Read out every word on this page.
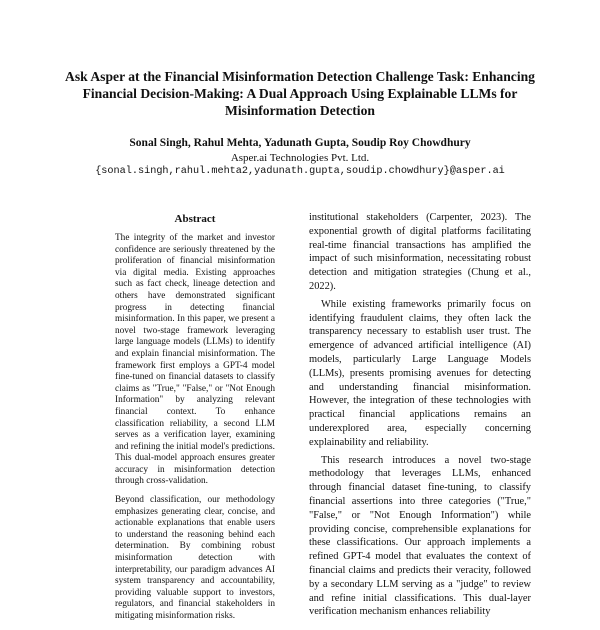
Ask Asper at the Financial Misinformation Detection Challenge Task: Enhancing Financial Decision-Making: A Dual Approach Using Explainable LLMs for Misinformation Detection
Sonal Singh, Rahul Mehta, Yadunath Gupta, Soudip Roy Chowdhury
Asper.ai Technologies Pvt. Ltd.
{sonal.singh,rahul.mehta2,yadunath.gupta,soudip.chowdhury}@asper.ai
Abstract

The integrity of the market and investor confidence are seriously threatened by the proliferation of financial misinformation via digital media. Existing approaches such as fact check, lineage detection and others have demonstrated significant progress in detecting financial misinformation. In this paper, we present a novel two-stage framework leveraging large language models (LLMs) to identify and explain financial misinformation. The framework first employs a GPT-4 model fine-tuned on financial datasets to classify claims as "True," "False," or "Not Enough Information" by analyzing relevant financial context. To enhance classification reliability, a second LLM serves as a verification layer, examining and refining the initial model's predictions. This dual-model approach ensures greater accuracy in misinformation detection through cross-validation.

Beyond classification, our methodology emphasizes generating clear, concise, and actionable explanations that enable users to understand the reasoning behind each determination. By combining robust misinformation detection with interpretability, our paradigm advances AI system transparency and accountability, providing valuable support to investors, regulators, and financial stakeholders in mitigating misinformation risks.

institutional stakeholders (Carpenter, 2023). The exponential growth of digital platforms facilitating real-time financial transactions has amplified the impact of such misinformation, necessitating robust detection and mitigation strategies (Chung et al., 2022).

While existing frameworks primarily focus on identifying fraudulent claims, they often lack the transparency necessary to establish user trust. The emergence of advanced artificial intelligence (AI) models, particularly Large Language Models (LLMs), presents promising avenues for detecting and understanding financial misinformation. However, the integration of these technologies with practical financial applications remains an underexplored area, especially concerning explainability and reliability.

This research introduces a novel two-stage methodology that leverages LLMs, enhanced through financial dataset fine-tuning, to classify financial assertions into three categories ("True," "False," or "Not Enough Information") while providing concise, comprehensible explanations for these classifications. Our approach implements a refined GPT-4 model that evaluates the context of financial claims and predicts their veracity, followed by a secondary LLM serving as a "judge" to review and refine initial classifications. This dual-layer verification mechanism enhances reliability
